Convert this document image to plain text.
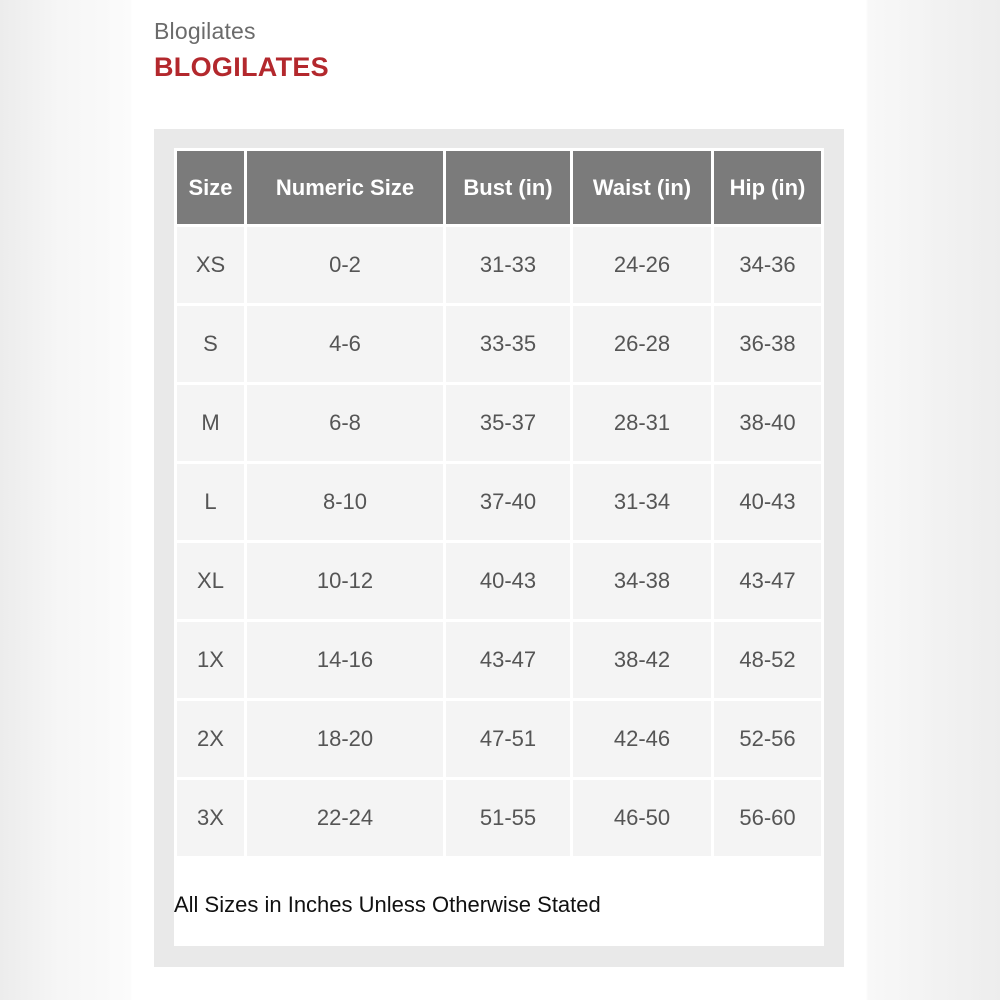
Blogilates
BLOGILATES
Size	Numeric Size	Bust (in)	Waist (in)	Hip (in)
XS	0-2	31-33	24-26	34-36
S	4-6	33-35	26-28	36-38
M	6-8	35-37	28-31	38-40
L	8-10	37-40	31-34	40-43
XL	10-12	40-43	34-38	43-47
1X	14-16	43-47	38-42	48-52
2X	18-20	47-51	42-46	52-56
3X	22-24	51-55	46-50	56-60
All Sizes in Inches Unless Otherwise Stated
